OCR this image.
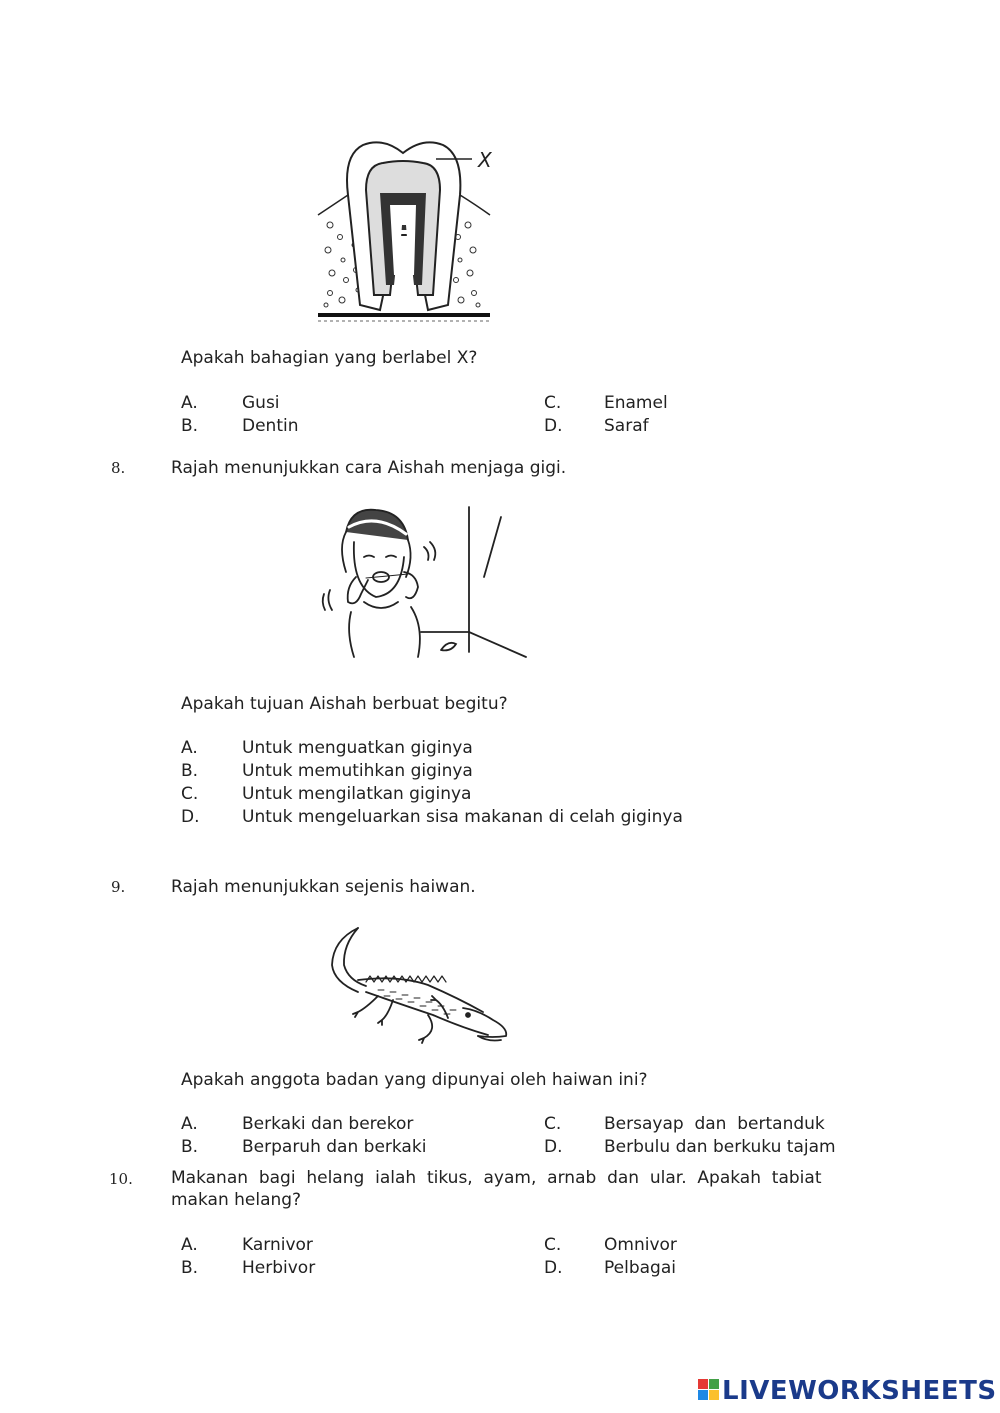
X
Apakah bahagian yang berlabel X?
A.	Gusi
B.	Dentin
C.	Enamel
D. Saraf
8.	Rajah menunjukkan cara Aishah menjaga gigi.
Apakah tujuan Aishah berbuat begitu?
A.	Untuk menguatkan giginya
B.	Untuk memutihkan giginya
C.	Untuk mengilatkan giginya
D.	Untuk mengeluarkan sisa makanan di celah giginya
9.	Rajah menunjukkan sejenis haiwan.
Apakah anggota badan yang dipunyai oleh haiwan ini?
A.	Berkaki dan berekor
B.	Berparuh dan berkaki
C.	Bersayap  dan  bertanduk
D. Berbulu dan berkuku tajam
10. Makanan  bagi  helang  ialah  tikus,  ayam,  arnab  dan  ular.  Apakah  tabiat
makan helang?
A.	Karnivor
B.	Herbivor
C.	Omnivor
D. Pelbagai
LIVEWORKSHEETS
